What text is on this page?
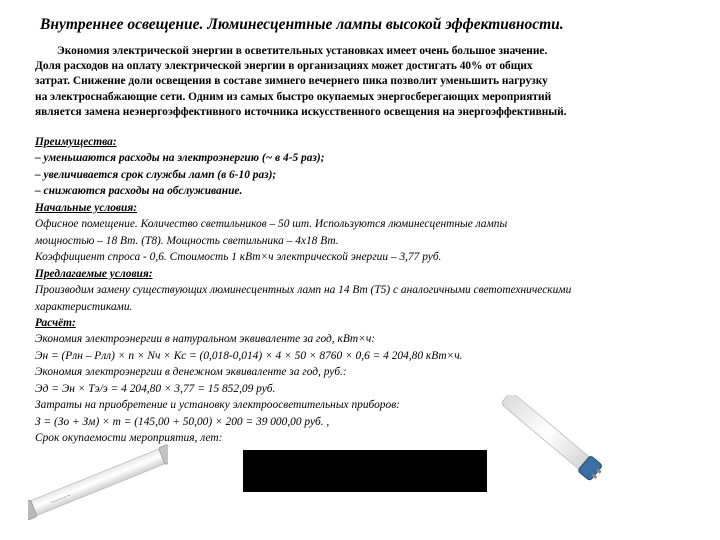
Внутреннее освещение. Люминесцентные лампы высокой эффективности.
Экономия электрической энергии в осветительных установках имеет очень большое значение.
Доля расходов на оплату электрической энергии в организациях может достигать 40% от общих
затрат. Снижение доли освещения в составе зимнего вечернего пика позволит уменьшить нагрузку
на электроснабжающие сети. Одним из самых быстро окупаемых энергосберегающих мероприятий
является замена неэнергоэффективного источника искусственного освещения на энергоэффективный.
Преимущества:
– уменьшаются расходы на электроэнергию (~ в 4-5 раз);
– увеличивается срок службы ламп (в 6-10 раз);
– снижаются расходы на обслуживание.
Начальные условия:
Офисное помещение. Количество светильников – 50 шт. Используются люминесцентные лампы
мощностью – 18 Вт. (T8). Мощность светильника – 4x18 Вт.
Коэффициент спроса - 0,6. Стоимость 1 кВт×ч электрической энергии – 3,77 руб.
Предлагаемые условия:
Производим замену существующих люминесцентных ламп на 14 Вт (T5) с аналогичными светотехническими
характеристиками.
Расчёт:
Экономия электроэнергии в натуральном эквиваленте за год, кВт×ч:
Эн = (Рлн – Рлл) × n × Nч × Кс = (0,018-0,014) × 4 × 50 × 8760 × 0,6 = 4 204,80 кВт×ч.
Экономия электроэнергии в денежном эквиваленте за год, руб.:
Эд = Эн × Тэ/э = 4 204,80 × 3,77 = 15 852,09 руб.
Затраты на приобретение и установку электроосветительных приборов:
З = (Зо + Зм) × m = (145,00 + 50,00) × 200 = 39 000,00 руб. ,
Срок окупаемости мероприятия, лет:
~~~~~
